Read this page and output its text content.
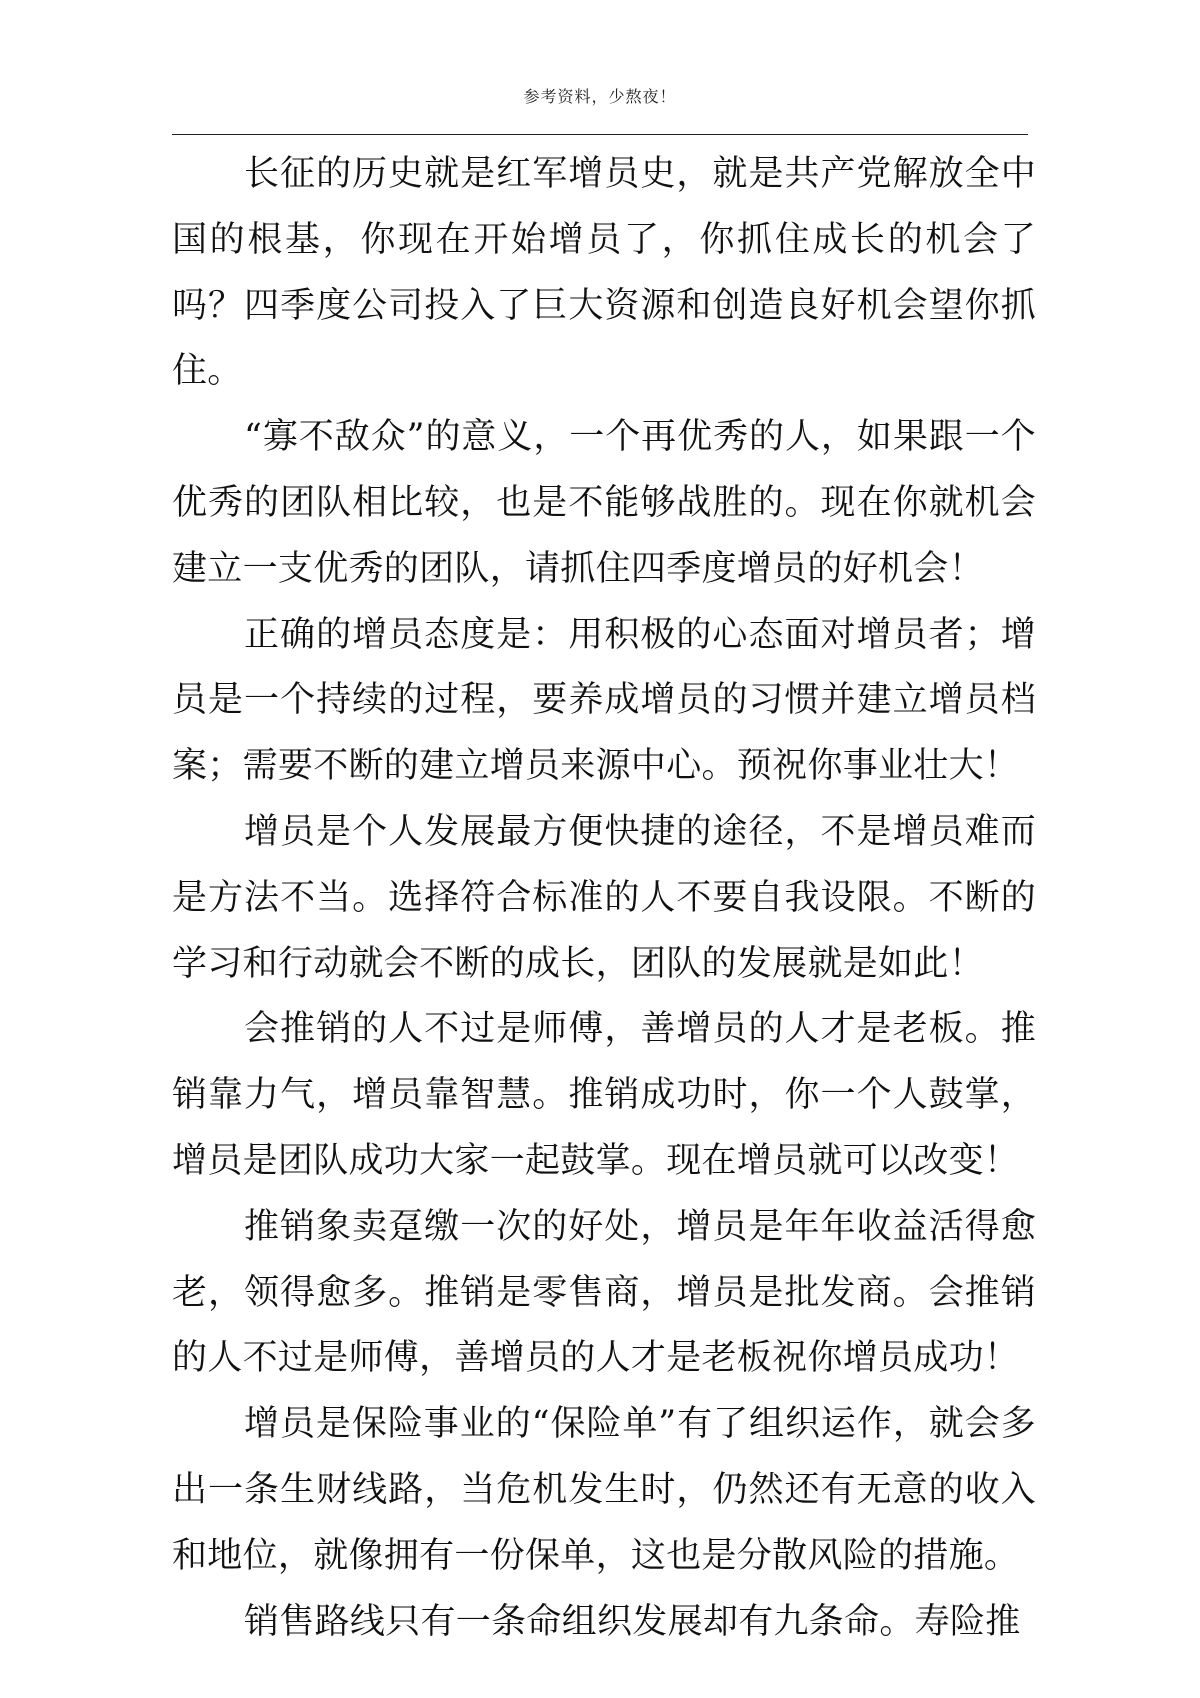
参考资料，少熬夜！

长征的历史就是红军增员史，就是共产党解放全中国的根基，你现在开始增员了，你抓住成长的机会了吗？四季度公司投入了巨大资源和创造良好机会望你抓住。

“寡不敌众”的意义，一个再优秀的人，如果跟一个优秀的团队相比较，也是不能够战胜的。现在你就机会建立一支优秀的团队，请抓住四季度增员的好机会！

正确的增员态度是：用积极的心态面对增员者；增员是一个持续的过程，要养成增员的习惯并建立增员档案；需要不断的建立增员来源中心。预祝你事业壮大！

增员是个人发展最方便快捷的途径，不是增员难而是方法不当。选择符合标准的人不要自我设限。不断的学习和行动就会不断的成长，团队的发展就是如此！

会推销的人不过是师傅，善增员的人才是老板。推销靠力气，增员靠智慧。推销成功时，你一个人鼓掌，增员是团队成功大家一起鼓掌。现在增员就可以改变！

推销象卖趸缴一次的好处，增员是年年收益活得愈老，领得愈多。推销是零售商，增员是批发商。会推销的人不过是师傅，善增员的人才是老板祝你增员成功！

增员是保险事业的“保险单”有了组织运作，就会多出一条生财线路，当危机发生时，仍然还有无意的收入和地位，就像拥有一份保单，这也是分散风险的措施。

销售路线只有一条命组织发展却有九条命。寿险推
